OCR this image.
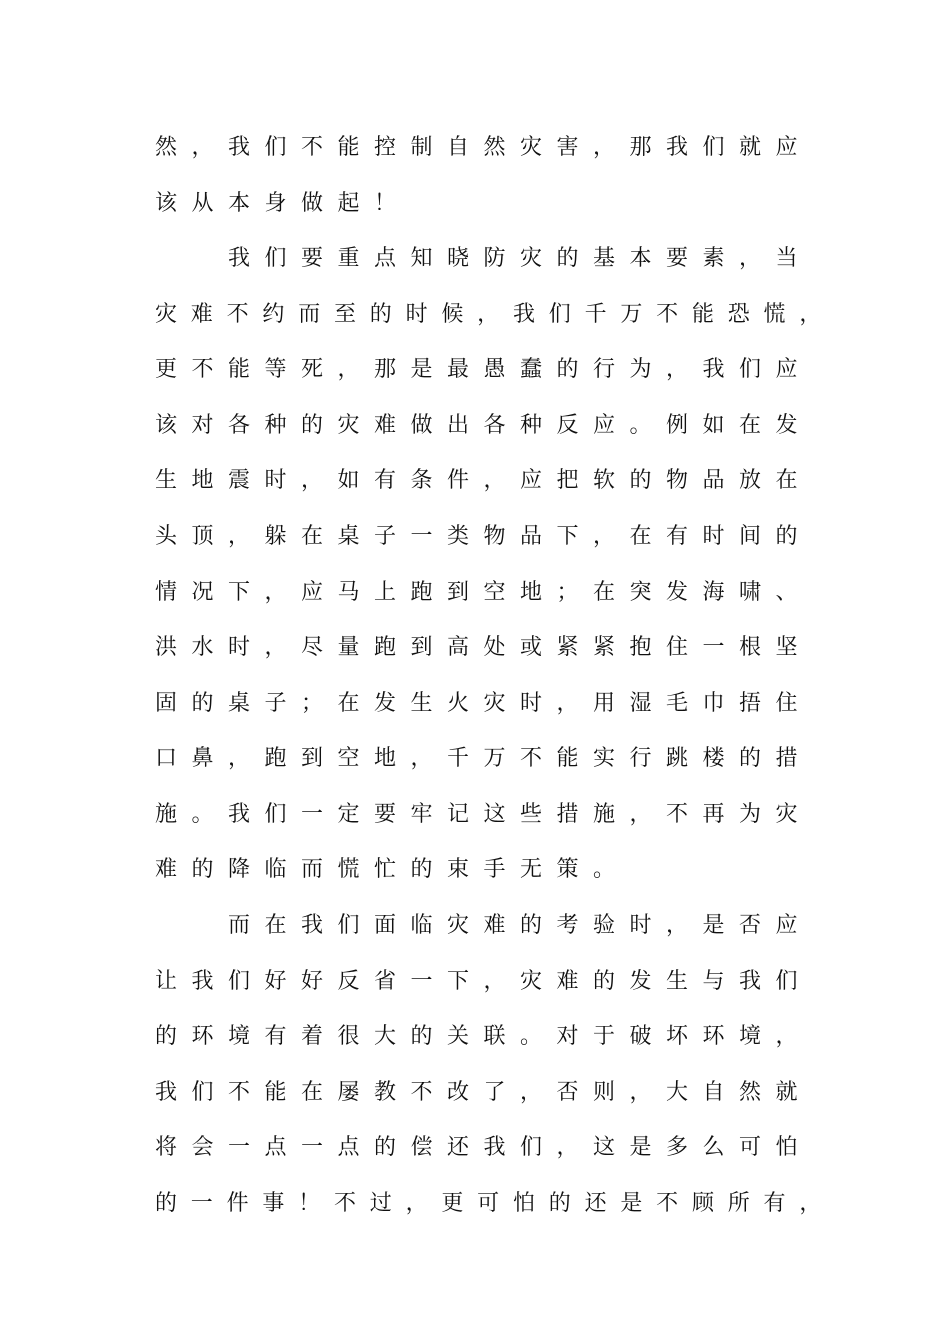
然 ， 我 们 不 能 控 制 自 然 灾 害 ， 那 我 们 就 应
该 从 本 身 做 起 ！
我 们 要 重 点 知 晓 防 灾 的 基 本 要 素 ， 当
灾 难 不 约 而 至 的 时 候 ， 我 们 千 万 不 能 恐 慌 ，
更 不 能 等 死 ， 那 是 最 愚 蠢 的 行 为 ， 我 们 应
该 对 各 种 的 灾 难 做 出 各 种 反 应 。 例 如 在 发
生 地 震 时 ， 如 有 条 件 ， 应 把 软 的 物 品 放 在
头 顶 ， 躲 在 桌 子 一 类 物 品 下 ， 在 有 时 间 的
情 况 下 ， 应 马 上 跑 到 空 地 ； 在 突 发 海 啸 、
洪 水 时 ， 尽 量 跑 到 高 处 或 紧 紧 抱 住 一 根 坚
固 的 桌 子 ； 在 发 生 火 灾 时 ， 用 湿 毛 巾 捂 住
口 鼻 ， 跑 到 空 地 ， 千 万 不 能 实 行 跳 楼 的 措
施 。 我 们 一 定 要 牢 记 这 些 措 施 ， 不 再 为 灾
难 的 降 临 而 慌 忙 的 束 手 无 策 。
而 在 我 们 面 临 灾 难 的 考 验 时 ， 是 否 应
让 我 们 好 好 反 省 一 下 ， 灾 难 的 发 生 与 我 们
的 环 境 有 着 很 大 的 关 联 。 对 于 破 坏 环 境 ，
我 们 不 能 在 屡 教 不 改 了 ， 否 则 ， 大 自 然 就
将 会 一 点 一 点 的 偿 还 我 们 ， 这 是 多 么 可 怕
的 一 件 事 ！ 不 过 ， 更 可 怕 的 还 是 不 顾 所 有 ，
